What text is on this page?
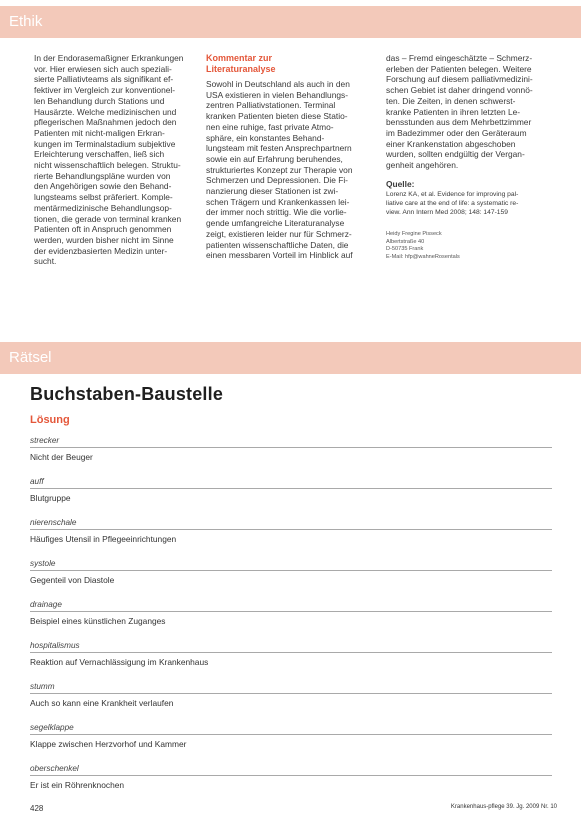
Ethik

In der Endorasemaßigner Erkrankungen
vor. Hier erwiesen sich auch speziali-
sierte Palliativteams als signifikant ef-
fektiver im Vergleich zur konventionel-
len Behandlung durch Stations und
Hausärzte. Welche medizinischen und
pflegerischen Maßnahmen jedoch den
Patienten mit nicht-maligen Erkran-
kungen im Terminalstadium subjektive
Erleichterung verschaffen, ließ sich
nicht wissenschaftlich belegen. Struktu-
rierte Behandlungspläne wurden von
den Angehörigen sowie den Behand-
lungsteams selbst präferiert. Komple-
mentärmedizinische Behandlungsop-
tionen, die gerade von terminal kranken
Patienten oft in Anspruch genommen
werden, wurden bisher nicht im Sinne
der evidenzbasierten Medizin unter-
sucht.

Kommentar zur
Literaturanalyse

Sowohl in Deutschland als auch in den
USA existieren in vielen Behandlungs-
zentren Palliativstationen. Terminal
kranken Patienten bieten diese Statio-
nen eine ruhige, fast private Atmo-
sphäre, ein konstantes Behand-
lungsteam mit festen Ansprechpartnern
sowie ein auf Erfahrung beruhendes,
strukturiertes Konzept zur Therapie von
Schmerzen und Depressionen. Die Fi-
nanzierung dieser Stationen ist zwi-
schen Trägern und Krankenkassen lei-
der immer noch strittig. Wie die vorlie-
gende umfangreiche Literaturanalyse
zeigt, existieren leider nur für Schmerz-
patienten wissenschaftliche Daten, die
einen messbaren Vorteil im Hinblick auf

das – Fremd eingeschätzte – Schmerz-
erleben der Patienten belegen. Weitere
Forschung auf diesem palliativmedizini-
schen Gebiet ist daher dringend vonnö-
ten. Die Zeiten, in denen schwerst-
kranke Patienten in ihren letzten Le-
bensstunden aus dem Mehrbettzimmer
im Badezimmer oder den Geräteraum
einer Krankenstation abgeschoben
wurden, sollten endgültig der Vergan-
genheit angehören.

Quelle:
Lorenz KA, et al. Evidence for improving pal-
liative care at the end of life: a systematic re-
view. Ann Intern Med 2008; 148: 147-159
Heidy Fregine Pisseck
Albertstraße 40
D-50735 Frank
E-Mail: hfp@wahneRosentals
Rätsel
Buchstaben-Baustelle
Lösung
strecker
Nicht der Beuger
auff
Blutgruppe
nierenschale
Häufiges Utensil in Pflegeeinrichtungen
systole
Gegenteil von Diastole
drainage
Beispiel eines künstlichen Zuganges
hospitalismus
Reaktion auf Vernachlässigung im Krankenhaus
stumm
Auch so kann eine Krankheit verlaufen
segelklappe
Klappe zwischen Herzvorhof und Kammer
oberschenkel
Er ist ein Röhrenknochen
428	Krankenhaus-pflege 39. Jg. 2009 Nr. 10
